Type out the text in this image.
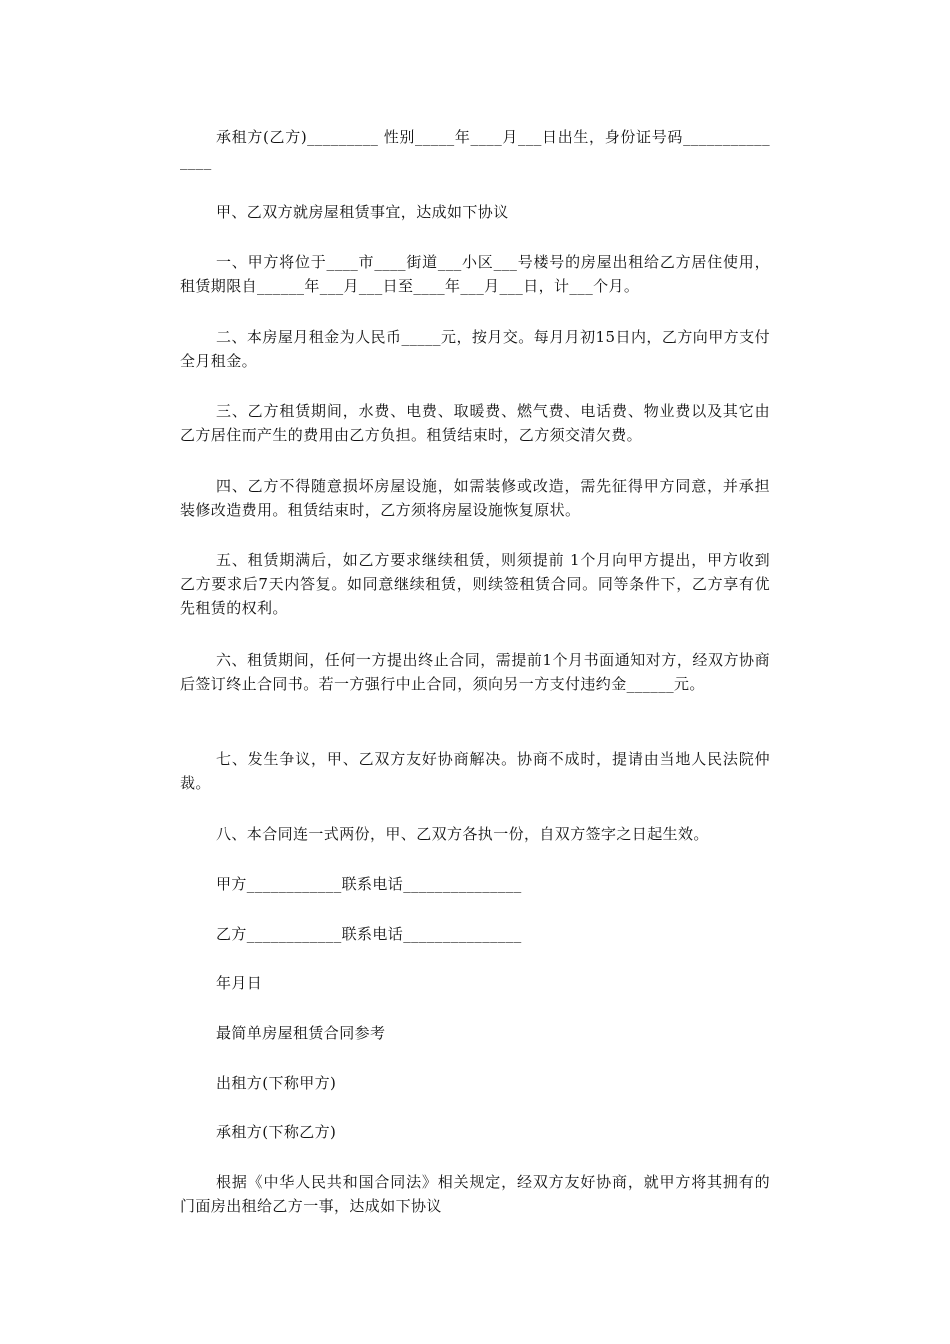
承租方(乙方)_________ 性别_____年____月___日出生，身份证号码_______________

甲、乙双方就房屋租赁事宜，达成如下协议

一、甲方将位于____市____街道___小区___号楼号的房屋出租给乙方居住使用，租赁期限自______年___月___日至____年___月___日，计___个月。

二、本房屋月租金为人民币_____元，按月交。每月月初15日内，乙方向甲方支付全月租金。

三、乙方租赁期间，水费、电费、取暖费、燃气费、电话费、物业费以及其它由乙方居住而产生的费用由乙方负担。租赁结束时，乙方须交清欠费。

四、乙方不得随意损坏房屋设施，如需装修或改造，需先征得甲方同意，并承担装修改造费用。租赁结束时，乙方须将房屋设施恢复原状。

五、租赁期满后，如乙方要求继续租赁，则须提前 1个月向甲方提出，甲方收到乙方要求后7天内答复。如同意继续租赁，则续签租赁合同。同等条件下，乙方享有优先租赁的权利。

六、租赁期间，任何一方提出终止合同，需提前1个月书面通知对方，经双方协商后签订终止合同书。若一方强行中止合同，须向另一方支付违约金______元。

七、发生争议，甲、乙双方友好协商解决。协商不成时，提请由当地人民法院仲裁。

八、本合同连一式两份，甲、乙双方各执一份，自双方签字之日起生效。

甲方____________联系电话_______________

乙方____________联系电话_______________

年月日

最简单房屋租赁合同参考

出租方(下称甲方)

承租方(下称乙方)

根据《中华人民共和国合同法》相关规定，经双方友好协商，就甲方将其拥有的门面房出租给乙方一事，达成如下协议
